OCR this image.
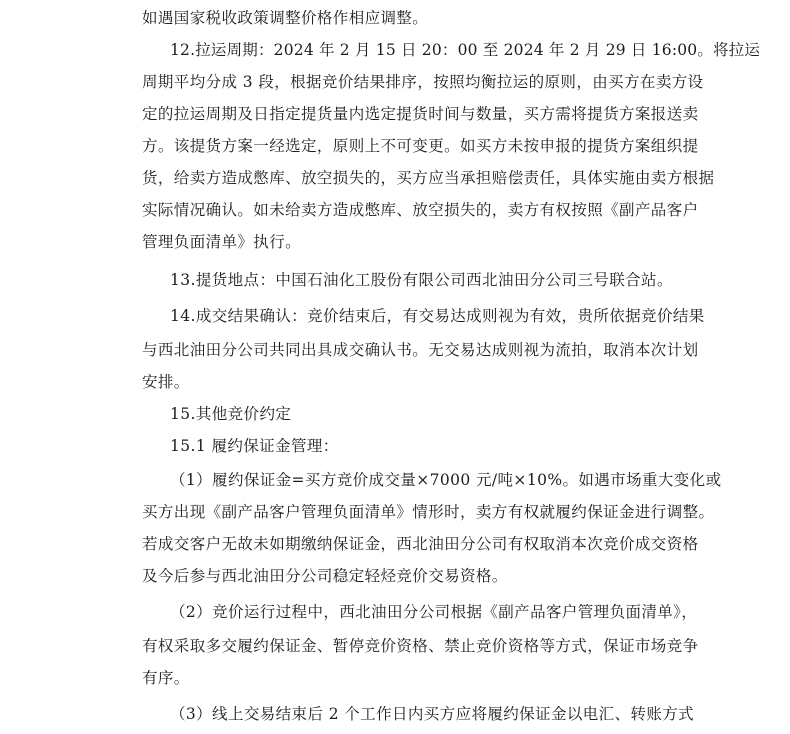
如遇国家税收政策调整价格作相应调整。
12.拉运周期：2024 年 2 月 15 日 20：00 至 2024 年 2 月 29 日 16:00。将拉运
周期平均分成 3 段，根据竞价结果排序，按照均衡拉运的原则，由买方在卖方设
定的拉运周期及日指定提货量内选定提货时间与数量，买方需将提货方案报送卖
方。该提货方案一经选定，原则上不可变更。如买方未按申报的提货方案组织提
货，给卖方造成憋库、放空损失的，买方应当承担赔偿责任，具体实施由卖方根据
实际情况确认。如未给卖方造成憋库、放空损失的，卖方有权按照《副产品客户
管理负面清单》执行。
13.提货地点：中国石油化工股份有限公司西北油田分公司三号联合站。
14.成交结果确认：竞价结束后，有交易达成则视为有效，贵所依据竞价结果
与西北油田分公司共同出具成交确认书。无交易达成则视为流拍，取消本次计划
安排。
15.其他竞价约定
15.1 履约保证金管理：
（1）履约保证金=买方竞价成交量×7000 元/吨×10%。如遇市场重大变化或
买方出现《副产品客户管理负面清单》情形时，卖方有权就履约保证金进行调整。
若成交客户无故未如期缴纳保证金，西北油田分公司有权取消本次竞价成交资格
及今后参与西北油田分公司稳定轻烃竞价交易资格。
（2）竞价运行过程中，西北油田分公司根据《副产品客户管理负面清单》，
有权采取多交履约保证金、暂停竞价资格、禁止竞价资格等方式，保证市场竞争
有序。
（3）线上交易结束后 2 个工作日内买方应将履约保证金以电汇、转账方式
